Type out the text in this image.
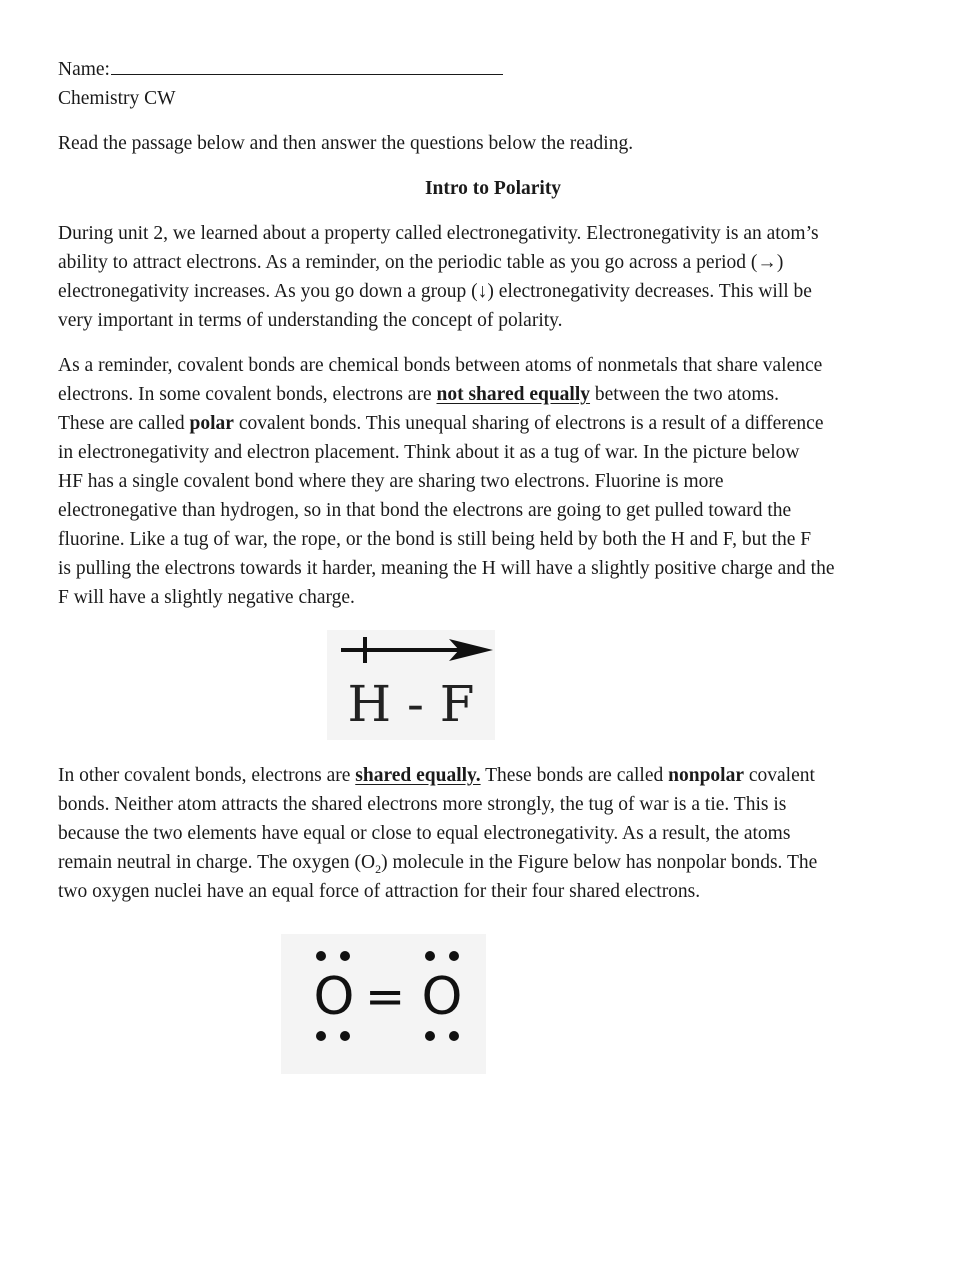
Name:
Chemistry CW

Read the passage below and then answer the questions below the reading.

Intro to Polarity

During unit 2, we learned about a property called electronegativity. Electronegativity is an atom’s
ability to attract electrons. As a reminder, on the periodic table as you go across a period (→)
electronegativity increases. As you go down a group (↓) electronegativity decreases. This will be
very important in terms of understanding the concept of polarity.
As a reminder, covalent bonds are chemical bonds between atoms of nonmetals that share valence
electrons. In some covalent bonds, electrons are not shared equally between the two atoms.
These are called polar covalent bonds. This unequal sharing of electrons is a result of a difference
in electronegativity and electron placement. Think about it as a tug of war. In the picture below
HF has a single covalent bond where they are sharing two electrons. Fluorine is more
electronegative than hydrogen, so in that bond the electrons are going to get pulled toward the
fluorine. Like a tug of war, the rope, or the bond is still being held by both the H and F, but the F
is pulling the electrons towards it harder, meaning the H will have a slightly positive charge and the
F will have a slightly negative charge.
In other covalent bonds, electrons are shared equally. These bonds are called nonpolar covalent
bonds. Neither atom attracts the shared electrons more strongly, the tug of war is a tie. This is
because the two elements have equal or close to equal electronegativity. As a result, the atoms
remain neutral in charge. The oxygen $(O_2)$ molecule in the Figure below has nonpolar bonds. The
two oxygen nuclei have an equal force of attraction for their four shared electrons.
H - F
O = O
